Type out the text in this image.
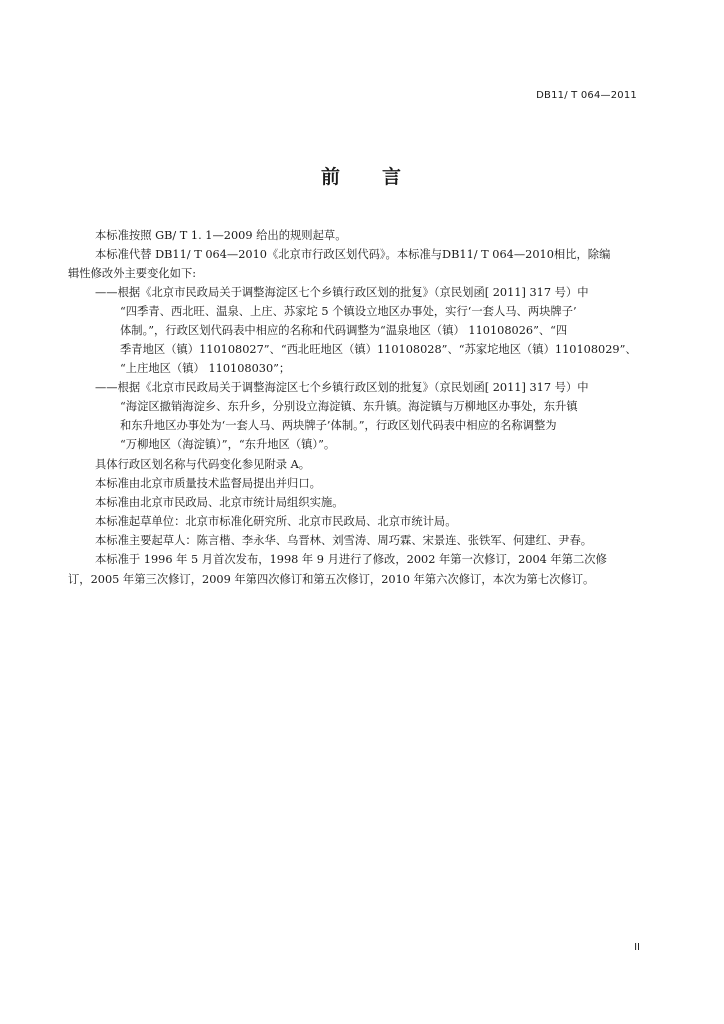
DB11/ T 064—2011
前 言
本标准按照 GB/ T 1. 1—2009 给出的规则起草。
本标准代替 DB11/ T 064—2010《北京市行政区划代码》。本标准与DB11/ T 064—2010相比，除编
辑性修改外主要变化如下:
——根据《北京市民政局关于调整海淀区七个乡镇行政区划的批复》（京民划函[ 2011] 317 号）中
“四季青、西北旺、温泉、上庄、苏家坨 5 个镇设立地区办事处，实行‘一套人马、两块牌子’
体制。”，行政区划代码表中相应的名称和代码调整为“温泉地区（镇） 110108026”、“四
季青地区（镇）110108027”、“西北旺地区（镇）110108028”、“苏家坨地区（镇）110108029”、
“上庄地区（镇） 110108030”；
——根据《北京市民政局关于调整海淀区七个乡镇行政区划的批复》（京民划函[ 2011] 317 号）中
“海淀区撤销海淀乡、东升乡，分别设立海淀镇、东升镇。海淀镇与万柳地区办事处，东升镇
和东升地区办事处为‘一套人马、两块牌子’体制。”，行政区划代码表中相应的名称调整为
“万柳地区（海淀镇）”，“东升地区（镇）”。
具体行政区划名称与代码变化参见附录 A。
本标准由北京市质量技术监督局提出并归口。
本标准由北京市民政局、北京市统计局组织实施。
本标准起草单位：北京市标准化研究所、北京市民政局、北京市统计局。
本标准主要起草人：陈言楷、李永华、乌晋林、刘雪涛、周巧霖、宋景连、张铁军、何建红、尹春。
本标准于 1996 年 5 月首次发布，1998 年 9 月进行了修改，2002 年第一次修订，2004 年第二次修
订，2005 年第三次修订，2009 年第四次修订和第五次修订，2010 年第六次修订，本次为第七次修订。
II
